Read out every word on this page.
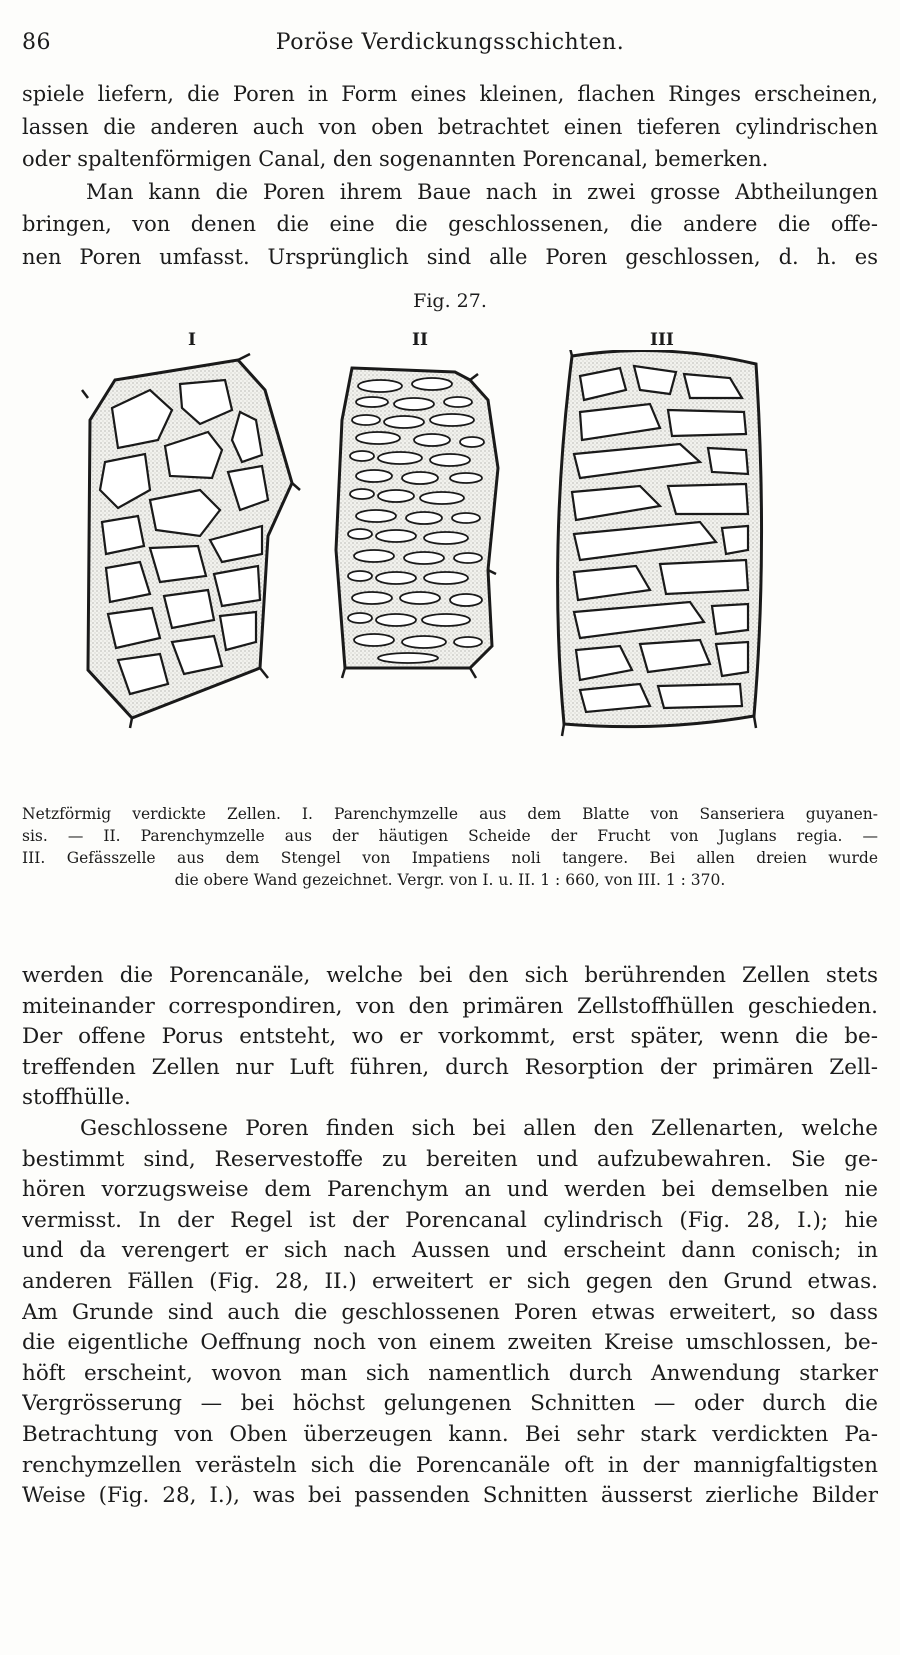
86	Poröse Verdickungsschichten.
spiele liefern, die Poren in Form eines kleinen, flachen Ringes erscheinen,
lassen die anderen auch von oben betrachtet einen tieferen cylindrischen
oder spaltenförmigen Canal, den sogenannten Porencanal, bemerken.
Man kann die Poren ihrem Baue nach in zwei grosse Abtheilungen
bringen, von denen die eine die geschlossenen, die andere die offe-
nen Poren umfasst. Ursprünglich sind alle Poren geschlossen, d. h. es
Fig. 27.
I	II	III
Netzförmig verdickte Zellen. I. Parenchymzelle aus dem Blatte von Sanseriera guyanen-
sis. — II. Parenchymzelle aus der häutigen Scheide der Frucht von Juglans regia. —
III. Gefässzelle aus dem Stengel von Impatiens noli tangere. Bei allen dreien wurde
die obere Wand gezeichnet. Vergr. von I. u. II. 1 : 660, von III. 1 : 370.
werden die Porencanäle, welche bei den sich berührenden Zellen stets
miteinander correspondiren, von den primären Zellstoffhüllen geschieden.
Der offene Porus entsteht, wo er vorkommt, erst später, wenn die be-
treffenden Zellen nur Luft führen, durch Resorption der primären Zell-
stoffhülle.
Geschlossene Poren finden sich bei allen den Zellenarten, welche
bestimmt sind, Reservestoffe zu bereiten und aufzubewahren. Sie ge-
hören vorzugsweise dem Parenchym an und werden bei demselben nie
vermisst. In der Regel ist der Porencanal cylindrisch (Fig. 28, I.); hie
und da verengert er sich nach Aussen und erscheint dann conisch; in
anderen Fällen (Fig. 28, II.) erweitert er sich gegen den Grund etwas.
Am Grunde sind auch die geschlossenen Poren etwas erweitert, so dass
die eigentliche Oeffnung noch von einem zweiten Kreise umschlossen, be-
höft erscheint, wovon man sich namentlich durch Anwendung starker
Vergrösserung — bei höchst gelungenen Schnitten — oder durch die
Betrachtung von Oben überzeugen kann. Bei sehr stark verdickten Pa-
renchymzellen verästeln sich die Porencanäle oft in der mannigfaltigsten
Weise (Fig. 28, I.), was bei passenden Schnitten äusserst zierliche Bilder
